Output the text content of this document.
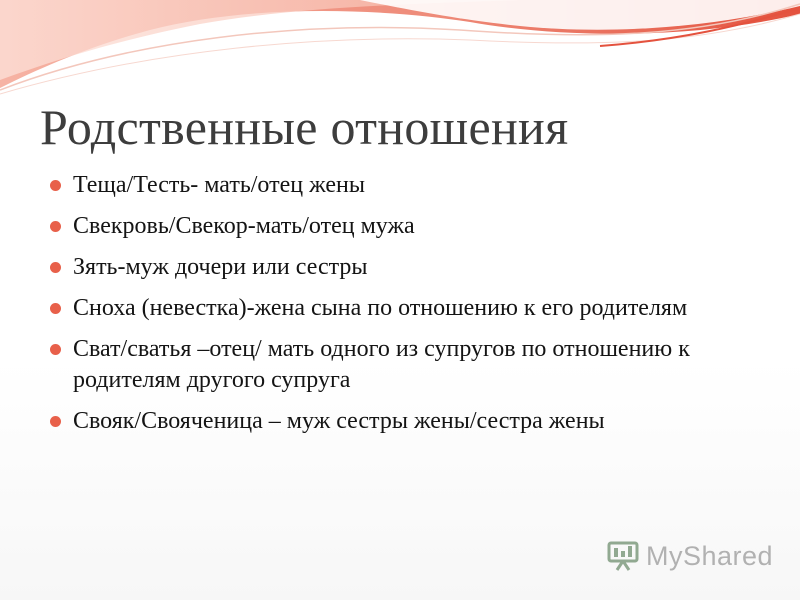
Родственные отношения
Теща/Тесть- мать/отец жены
Свекровь/Свекор-мать/отец мужа
Зять-муж дочери или сестры
Сноха (невестка)-жена сына по отношению к его родителям
Сват/сватья –отец/ мать одного из супругов по отношению к родителям другого супруга
Свояк/Свояченица – муж сестры жены/сестра жены
MyShared
